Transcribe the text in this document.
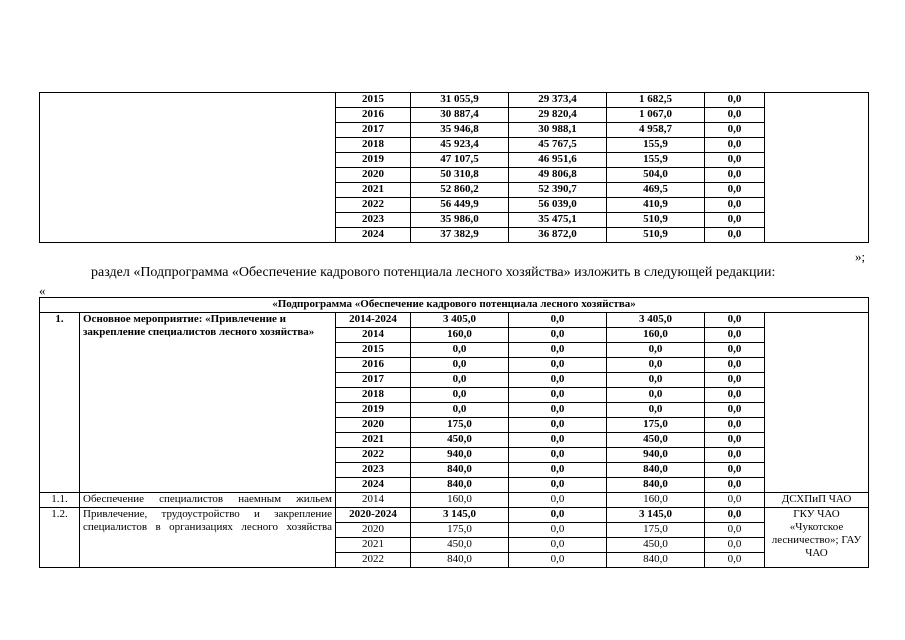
	2015	31 055,9	29 373,4	1 682,5	0,0	
	2016	30 887,4	29 820,4	1 067,0	0,0	
	2017	35 946,8	30 988,1	4 958,7	0,0	
	2018	45 923,4	45 767,5	155,9	0,0	
	2019	47 107,5	46 951,6	155,9	0,0	
	2020	50 310,8	49 806,8	504,0	0,0	
	2021	52 860,2	52 390,7	469,5	0,0	
	2022	56 449,9	56 039,0	410,9	0,0	
	2023	35 986,0	35 475,1	510,9	0,0	
	2024	37 382,9	36 872,0	510,9	0,0	
»;
раздел «Подпрограмма «Обеспечение кадрового потенциала лесного хозяйства» изложить в следующей редакции:
«
«Подпрограмма «Обеспечение кадрового потенциала лесного хозяйства»							
1.	Основное мероприятие: «Привлечение и закрепление специалистов лесного хозяйства»	2014-2024	3 405,0	0,0	3 405,0	0,0	
		2014	160,0	0,0	160,0	0,0	
		2015	0,0	0,0	0,0	0,0	
		2016	0,0	0,0	0,0	0,0	
		2017	0,0	0,0	0,0	0,0	
		2018	0,0	0,0	0,0	0,0	
		2019	0,0	0,0	0,0	0,0	
		2020	175,0	0,0	175,0	0,0	
		2021	450,0	0,0	450,0	0,0	
		2022	940,0	0,0	940,0	0,0	
		2023	840,0	0,0	840,0	0,0	
		2024	840,0	0,0	840,0	0,0	
1.1.	Обеспечение специалистов наемным жильем	2014	160,0	0,0	160,0	0,0	ДСХПиП ЧАО
1.2.	Привлечение, трудоустройство и закрепление специалистов в организациях лесного хозяйства	2020-2024	3 145,0	0,0	3 145,0	0,0	ГКУ ЧАО «Чукотское лесничество»; ГАУ ЧАО
		2020	175,0	0,0	175,0	0,0	
		2021	450,0	0,0	450,0	0,0	
		2022	840,0	0,0	840,0	0,0	
